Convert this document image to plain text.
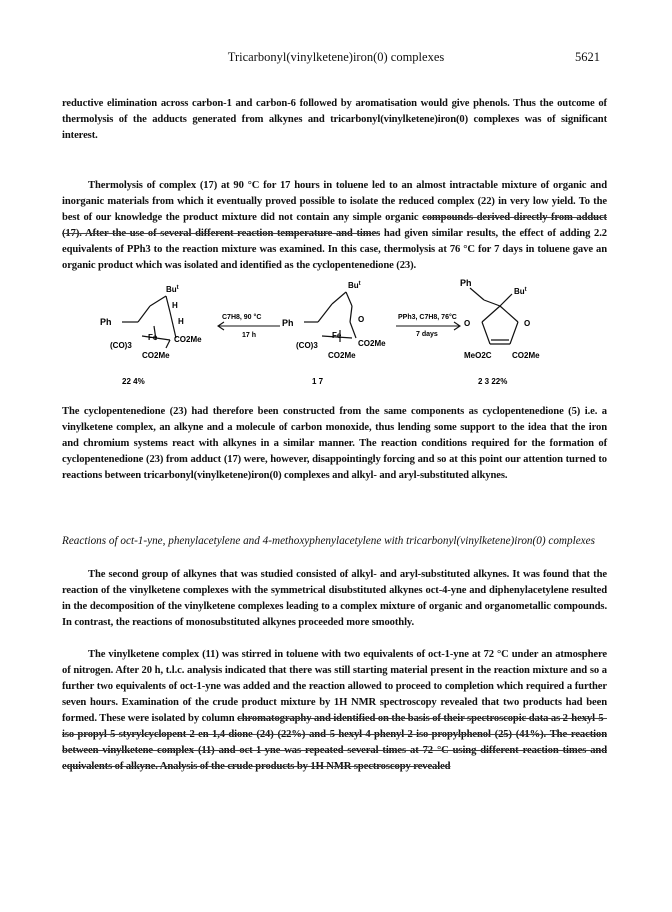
Tricarbonyl(vinylketene)iron(0) complexes	5621
reductive elimination across carbon-1 and carbon-6 followed by aromatisation would give phenols. Thus the outcome of thermolysis of the adducts generated from alkynes and tricarbonyl(vinylketene)iron(0) complexes was of significant interest.
Thermolysis of complex (17) at 90 °C for 17 hours in toluene led to an almost intractable mixture of organic and inorganic materials from which it eventually proved possible to isolate the reduced complex (22) in very low yield. To the best of our knowledge the product mixture did not contain any simple organic compounds derived directly from adduct (17). After the use of several different reaction temperature and times had given similar results, the effect of adding 2.2 equivalents of PPh3 to the reaction mixture was examined. In this case, thermolysis at 76 °C for 7 days in toluene gave an organic product which was isolated and identified as the cyclopentenedione (23).
Ph
Bu$^t$
H
H
Fe
(CO)3
CO2Me
CO2Me
C7H8, 90 °C
17 h
Ph
Bu$^t$
O
Fe
(CO)3	CO2Me
CO2Me
PPh3, C7H8, 76°C
7 days
Ph
Bu$^t$
O	O
MeO2C	CO2Me
22 4%	1 7	2 3 22%
The cyclopentenedione (23) had therefore been constructed from the same components as cyclopentenedione (5) i.e. a vinylketene complex, an alkyne and a molecule of carbon monoxide, thus lending some support to the idea that the iron and chromium systems react with alkynes in a similar manner. The reaction conditions required for the formation of cyclopentenedione (23) from adduct (17) were, however, disappointingly forcing and so at this point our attention turned to reactions between tricarbonyl(vinylketene)iron(0) complexes and alkyl- and aryl-substituted alkynes.
Reactions of oct-1-yne, phenylacetylene and 4-methoxyphenylacetylene with tricarbonyl(vinylketene)iron(0) complexes
The second group of alkynes that was studied consisted of alkyl- and aryl-substituted alkynes. It was found that the reaction of the vinylketene complexes with the symmetrical disubstituted alkynes oct-4-yne and diphenylacetylene resulted in the decomposition of the vinylketene complexes leading to a complex mixture of organic and organometallic compounds. In contrast, the reactions of monosubstituted alkynes proceeded more smoothly.
The vinylketene complex (11) was stirred in toluene with two equivalents of oct-1-yne at 72 °C under an atmosphere of nitrogen. After 20 h, t.l.c. analysis indicated that there was still starting material present in the reaction mixture and so a further two equivalents of oct-1-yne was added and the reaction allowed to proceed to completion which required a further seven hours. Examination of the crude product mixture by 1H NMR spectroscopy revealed that two products had been formed. These were isolated by column chromatography and identified on the basis of their spectroscopic data as 2-hexyl-5-iso-propyl-5-styrylcyclopent-2-en-1,4-dione (24) (22%) and 5-hexyl-4-phenyl-2-iso-propylphenol (25) (41%). The reaction between vinylketene complex (11) and oct-1-yne was repeated several times at 72 °C using different reaction times and equivalents of alkyne. Analysis of the crude products by 1H NMR spectroscopy revealed
